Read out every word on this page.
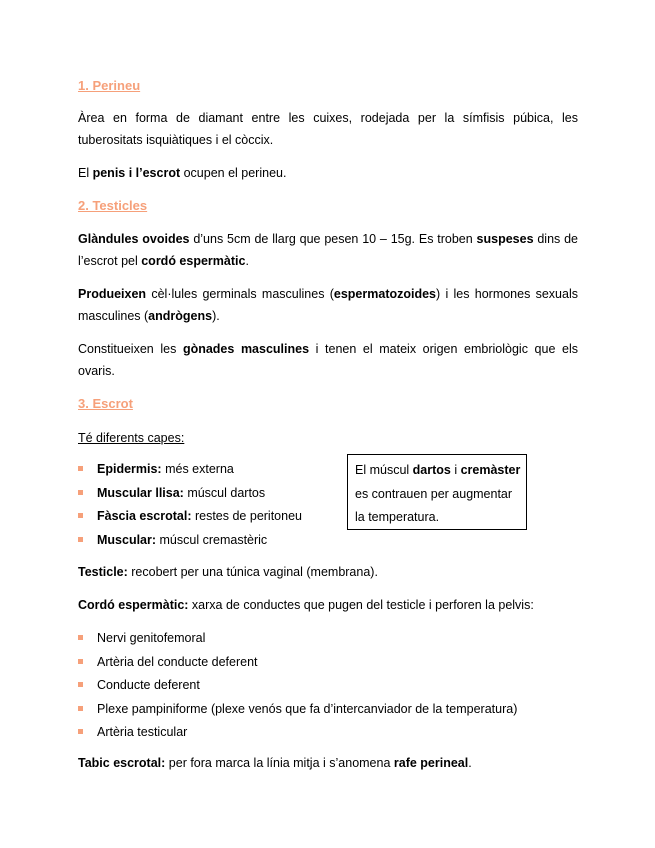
1. Perineu
Àrea en forma de diamant entre les cuixes, rodejada per la símfisis púbica, les tuberositats isquiàtiques i el còccix.
El penis i l’escrot ocupen el perineu.
2. Testicles
Glàndules ovoides d’uns 5cm de llarg que pesen 10 – 15g. Es troben suspeses dins de l’escrot pel cordó espermàtic.
Produeixen cèl·lules germinals masculines (espermatozoides) i les hormones sexuals masculines (andrògens).
Constitueixen les gònades masculines i tenen el mateix origen embriològic que els ovaris.
3. Escrot
Té diferents capes:
Epidermis: més externa
Muscular llisa: múscul dartos
Fàscia escrotal: restes de peritoneu
Muscular: múscul cremastèric
El múscul dartos i cremàster
es contrauen per augmentar
la temperatura.
Testicle: recobert per una túnica vaginal (membrana).
Cordó espermàtic: xarxa de conductes que pugen del testicle i perforen la pelvis:
Nervi genitofemoral
Artèria del conducte deferent
Conducte deferent
Plexe pampiniforme (plexe venós que fa d’intercanviador de la temperatura)
Artèria testicular
Tabic escrotal: per fora marca la línia mitja i s’anomena rafe perineal.
